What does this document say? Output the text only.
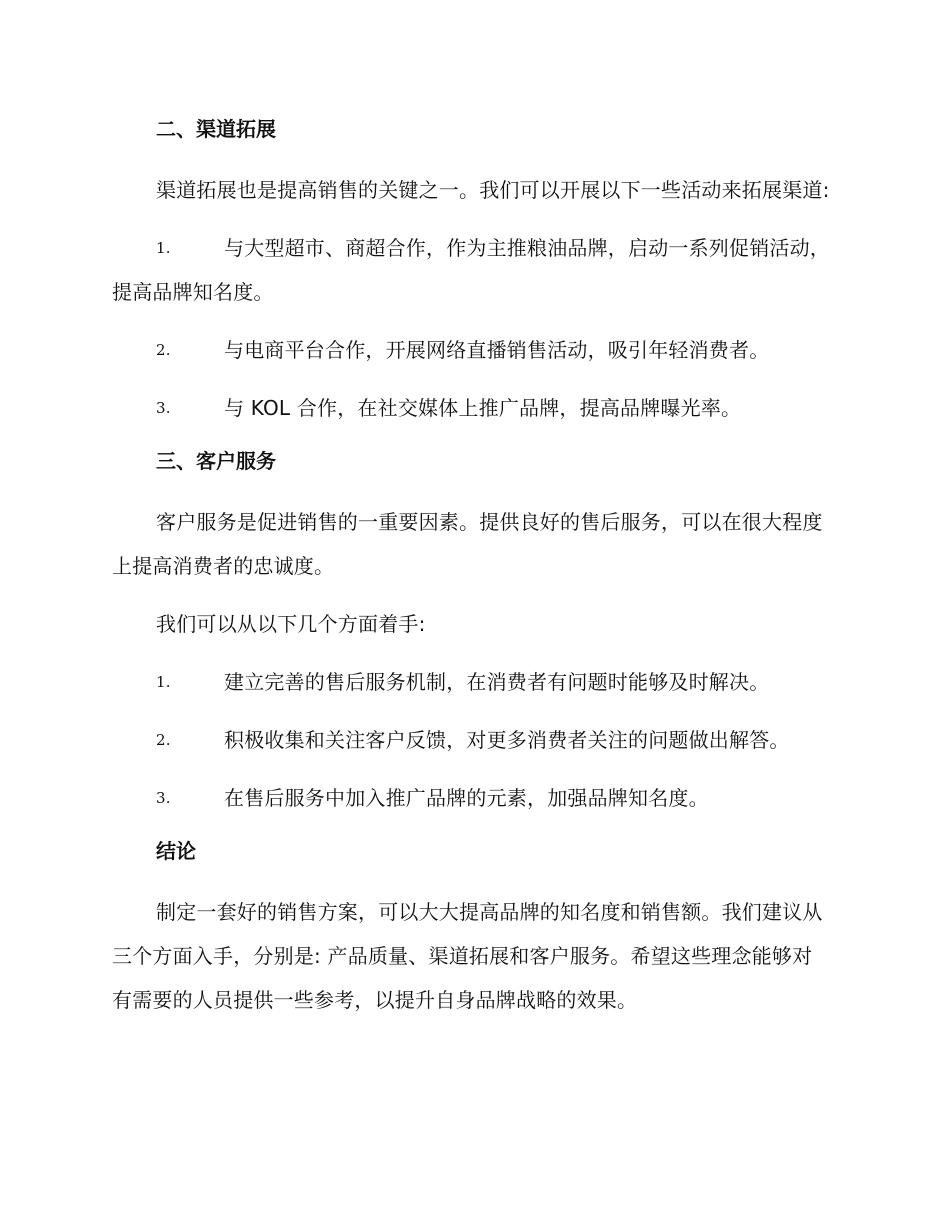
二、渠道拓展

渠道拓展也是提高销售的关键之一。我们可以开展以下一些活动来拓展渠道:

1.	与大型超市、商超合作，作为主推粮油品牌，启动一系列促销活动，提高品牌知名度。
2.	与电商平台合作，开展网络直播销售活动，吸引年轻消费者。
3.	与 KOL 合作，在社交媒体上推广品牌，提高品牌曝光率。
三、客户服务

客户服务是促进销售的一重要因素。提供良好的售后服务，可以在很大程度上提高消费者的忠诚度。

我们可以从以下几个方面着手:

1.	建立完善的售后服务机制，在消费者有问题时能够及时解决。
2.	积极收集和关注客户反馈，对更多消费者关注的问题做出解答。
3.	在售后服务中加入推广品牌的元素，加强品牌知名度。
结论

制定一套好的销售方案，可以大大提高品牌的知名度和销售额。我们建议从三个方面入手，分别是: 产品质量、渠道拓展和客户服务。希望这些理念能够对有需要的人员提供一些参考，以提升自身品牌战略的效果。
